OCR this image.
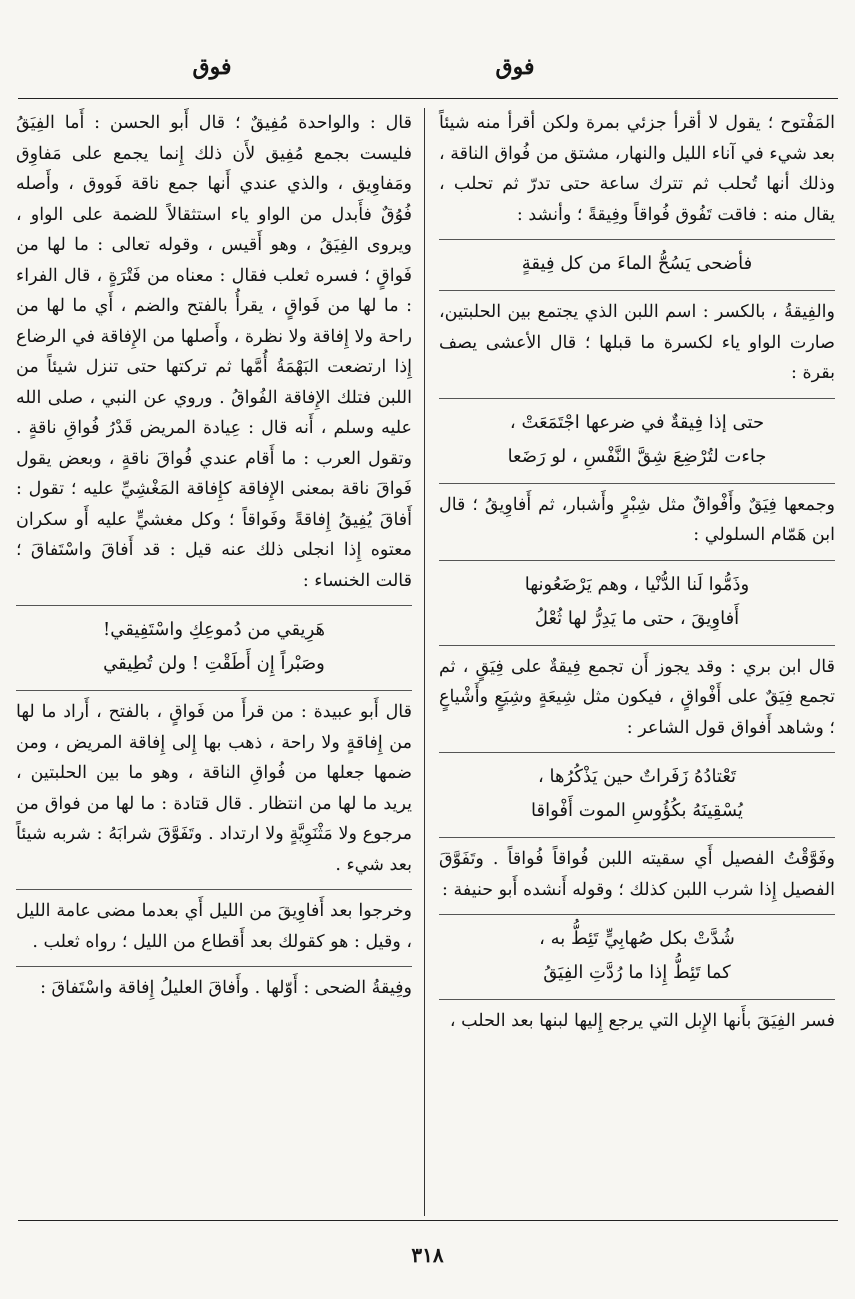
فوق
فوق

المَفْتوح ؛ يقول لا أقرأ جزئي بمرة ولكن أقرأ منه شيئاً بعد شيء في آناء الليل والنهار، مشتق من فُواق الناقة ، وذلك أنها تُحلب ثم تترك ساعة حتى تدرّ ثم تحلب ، يقال منه : فاقت تَفُوق فُواقاً وفِيقةً ؛ وأنشد :

فأضحى يَسُحُّ الماءَ من كل فِيقةٍ

والفِيقةُ ، بالكسر : اسم اللبن الذي يجتمع بين الحلبتين، صارت الواو ياء لكسرة ما قبلها ؛ قال الأعشى يصف بقرة :

حتى إذا فِيقةٌ في ضرعها اجْتَمَعَتْ ،
جاءت لتُرْضِعَ شِقَّ النَّفْسِ ، لو رَضَعا

وجمعها فِيَقٌ وأَفْواقٌ مثل شِبْرٍ وأَشبار، ثم أَفاوِيقُ ؛ قال ابن هَمّام السلولي :

وذَمُّوا لَنا الدُّنْيا ، وهم يَرْضَعُونها
أَفاوِيقَ ، حتى ما يَدِرُّ لها ثُعْلُ

قال ابن بري : وقد يجوز أَن تجمع فِيقةٌ على فِيَقٍ ، ثم تجمع فِيَقٌ على أَفْواقٍ ، فيكون مثل شِيعَةٍ وشِيَعٍ وأَشْياعٍ ؛ وشاهد أَفواق قول الشاعر :

تَعْتادُهُ زَفَراتٌ حين يَذْكُرُها ،
يُسْقِينَهُ بكُؤُوسِ الموت أَفْواقا

وفَوَّقْتُ الفصيل أَي سقيته اللبن فُواقاً فُواقاً . وتَفَوَّقَ الفصيل إِذا شرب اللبن كذلك ؛ وقوله أَنشده أَبو حنيفة :

شُدَّتْ بكل صُهابِيٍّ تَئِطُّ به ،
كما تَئِطُّ إِذا ما رُدَّتِ الفِيَقُ

فسر الفِيَقَ بأَنها الإِبل التي يرجع إِليها لبنها بعد الحلب ،

قال : والواحدة مُفِيقٌ ؛ قال أَبو الحسن : أَما الفِيَقُ فليست بجمع مُفِيق لأَن ذلك إِنما يجمع على مَفاوِق ومَفاوِيق ، والذي عندي أَنها جمع ناقة فَووق ، وأَصله فُوُقٌ فأَبدل من الواو ياء استثقالاً للضمة على الواو ، ويروى الفِيَقُ ، وهو أَقيس ، وقوله تعالى : ما لها من فَواقٍ ؛ فسره ثعلب فقال : معناه من فَتْرَةٍ ، قال الفراء : ما لها من فَواقٍ ، يقرأُ بالفتح والضم ، أَي ما لها من راحة ولا إِفاقة ولا نظرة ، وأَصلها من الإِفاقة في الرضاع إِذا ارتضعت البَهْمَةُ أُمَّها ثم تركتها حتى تنزل شيئاً من اللبن فتلك الإِفاقة الفُواقُ . وروي عن النبي ، صلى الله عليه وسلم ، أَنه قال : عِيادة المريض قَدْرُ فُواقِ ناقةٍ . وتقول العرب : ما أَقام عندي فُواقَ ناقةٍ ، وبعض يقول فَواقَ ناقة بمعنى الإِفاقة كإِفاقة المَغْشِيِّ عليه ؛ تقول : أَفاقَ يُفِيقُ إِفاقةً وفَواقاً ؛ وكل مغشيٍّ عليه أَو سكران معتوه إِذا انجلى ذلك عنه قيل : قد أَفاقَ واسْتَفاقَ ؛ قالت الخنساء :

هَرِيقي من دُموعِكِ واسْتَفِيقي!
وصَبْراً إِن أَطَقْتِ ! ولن تُطِيقي

قال أَبو عبيدة : من قرأَ من فَواقٍ ، بالفتح ، أَراد ما لها من إِفاقةٍ ولا راحة ، ذهب بها إِلى إِفاقة المريض ، ومن ضمها جعلها من فُواقِ الناقة ، وهو ما بين الحلبتين ، يريد ما لها من انتظار . قال قتادة : ما لها من فواق من مرجوع ولا مَثْنَوِيَّةٍ ولا ارتداد . وتَفَوَّقَ شرابَهُ : شربه شيئاً بعد شيء .

وخرجوا بعد أَفاوِيقَ من الليل أَي بعدما مضى عامة الليل ، وقيل : هو كقولك بعد أَقطاع من الليل ؛ رواه ثعلب .

وفِيقةُ الضحى : أَوّلها . وأَفاقَ العليلُ إِفاقة واسْتَفاقَ :

٣١٨
